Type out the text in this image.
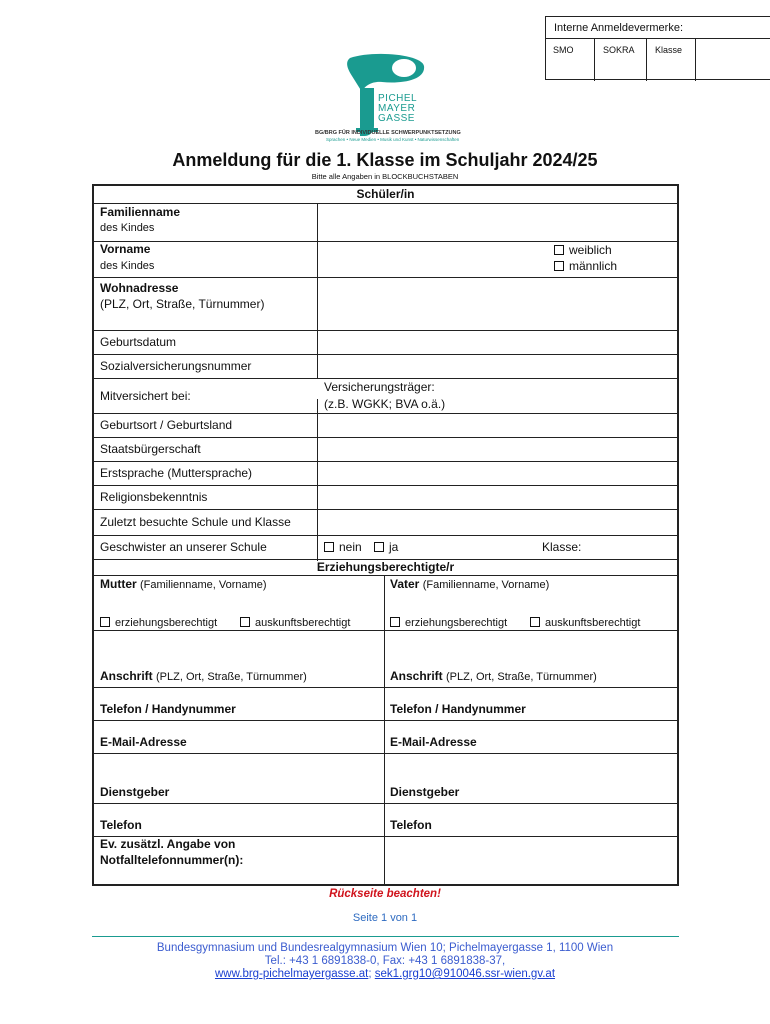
Interne Anmeldevermerke:
SMO	SOKRA	Klasse
PICHEL
MAYER
GASSE
BG/BRG FÜR INDIVIDUELLE SCHWERPUNKTSETZUNG
Sprachen • Neue Medien • Musik und Kunst • Naturwissenschaften
Anmeldung für die 1. Klasse im Schuljahr 2024/25
Bitte alle Angaben in BLOCKBUCHSTABEN
Schüler/in
Familienname
des Kindes
Vorname
des Kindes
weiblich
männlich
Wohnadresse
(PLZ, Ort, Straße, Türnummer)
Geburtsdatum
Sozialversicherungsnummer
Mitversichert bei:
Versicherungsträger:
(z.B. WGKK; BVA o.ä.)
Geburtsort / Geburtsland
Staatsbürgerschaft
Erstsprache (Muttersprache)
Religionsbekenntnis
Zuletzt besuchte Schule und Klasse
Geschwister an unserer Schule	nein	ja	Klasse:
Erziehungsberechtigte/r
Mutter (Familienname, Vorname)	Vater (Familienname, Vorname)
erziehungsberechtigt	auskunftsberechtigt	erziehungsberechtigt	auskunftsberechtigt
Anschrift (PLZ, Ort, Straße, Türnummer)	Anschrift (PLZ, Ort, Straße, Türnummer)
Telefon / Handynummer	Telefon / Handynummer
E-Mail-Adresse	E-Mail-Adresse
Dienstgeber	Dienstgeber
Telefon	Telefon
Ev. zusätzl. Angabe von
Notfalltelefonnummer(n):
Rückseite beachten!
Seite 1 von 1
Bundesgymnasium und Bundesrealgymnasium Wien 10; Pichelmayergasse 1, 1100 Wien
Tel.: +43 1 6891838-0, Fax: +43 1 6891838-37,
www.brg-pichelmayergasse.at; sek1.grg10@910046.ssr-wien.gv.at
